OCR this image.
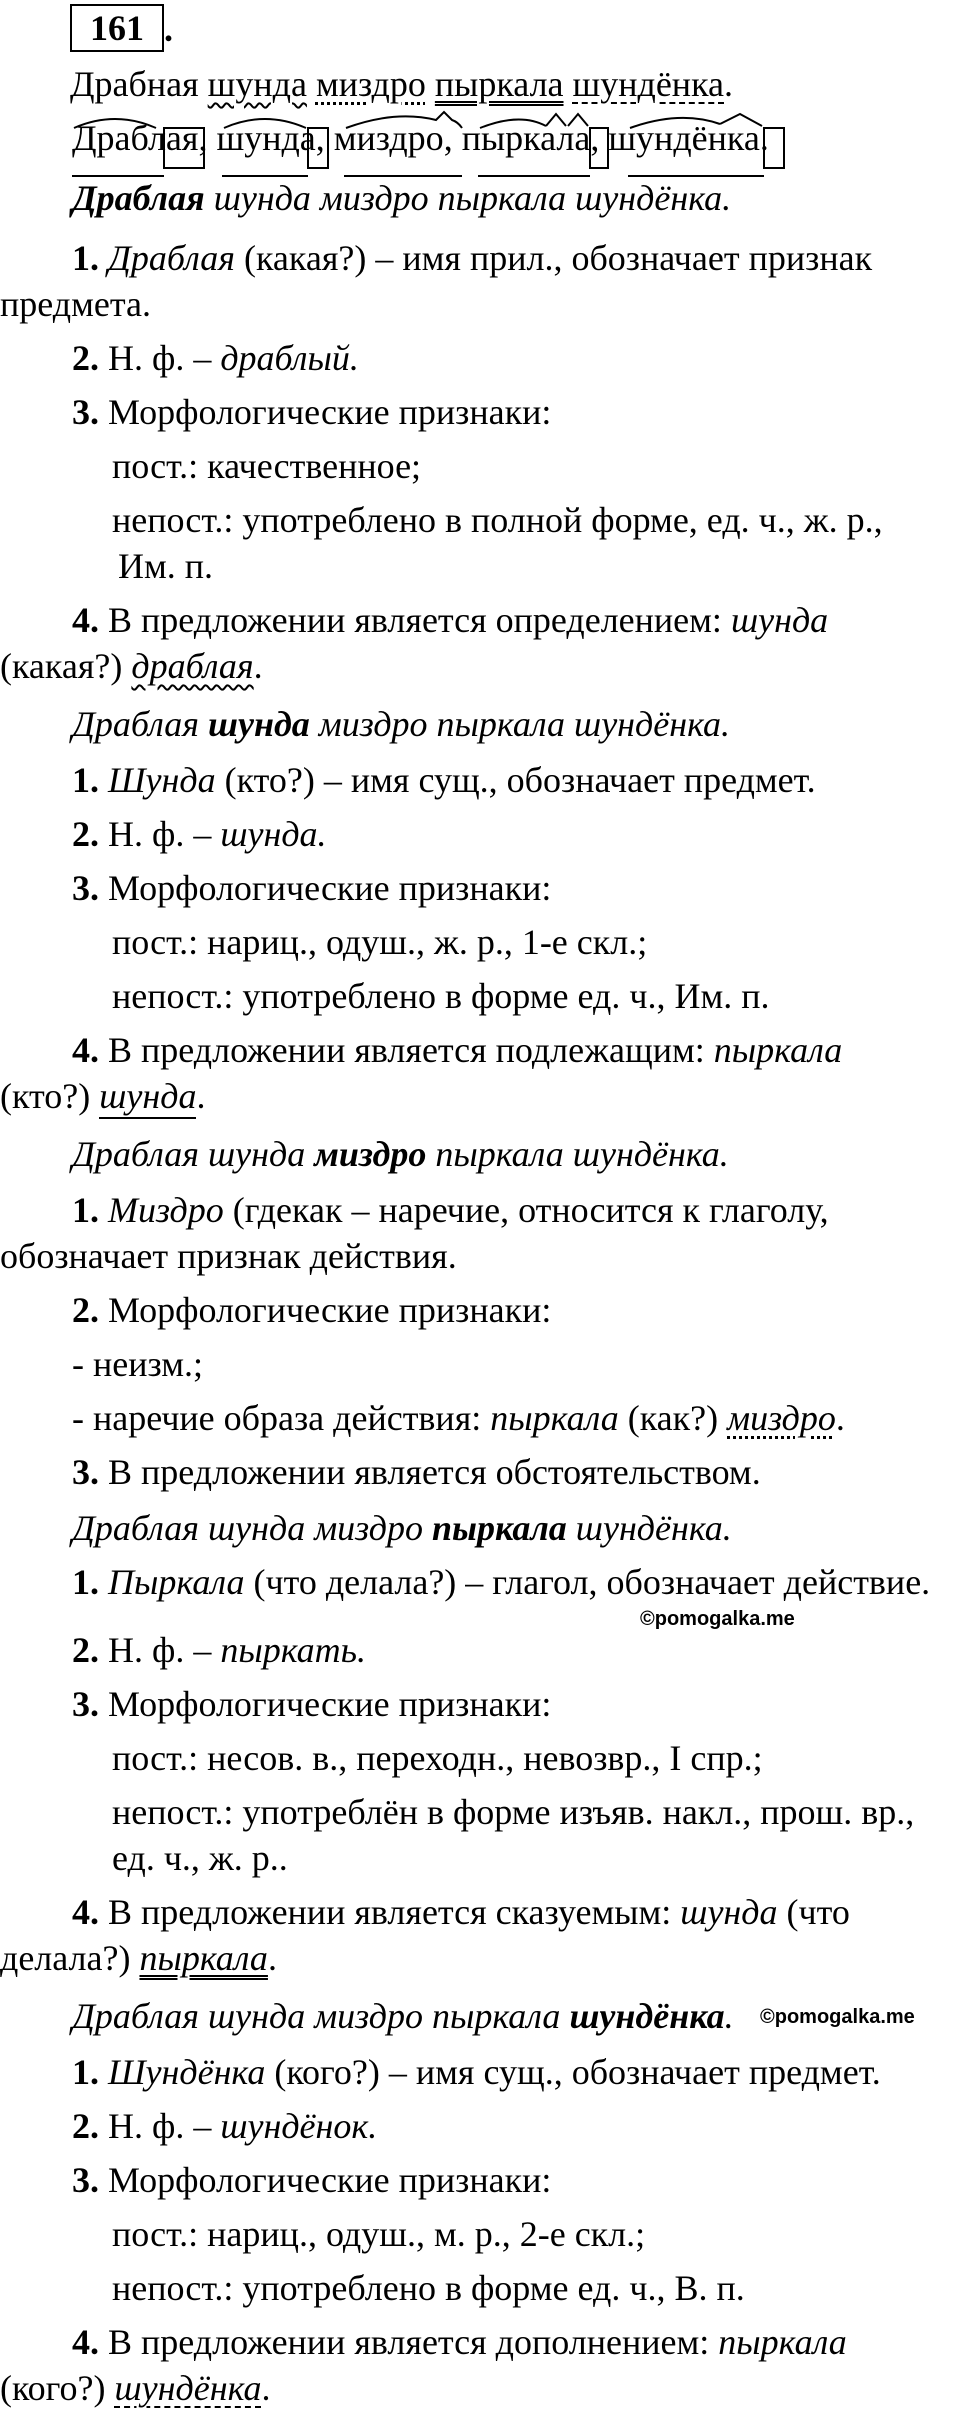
161 .
Драбная шунда миздро пыркала шундёнка.
Драблая, шунда, миздро, пыркала, шундёнка.
Драблая шунда миздро пыркала шундёнка.
1. Драблая (какая?) – имя прил., обозначает признак
предмета.
2. Н. ф. – драблый.
3. Морфологические признаки:
пост.: качественное;
непост.: употреблено в полной форме, ед. ч., ж. р.,
Им. п.
4. В предложении является определением: шунда
(какая?) драблая.
Драблая шунда миздро пыркала шундёнка.
1. Шунда (кто?) – имя сущ., обозначает предмет.
2. Н. ф. – шунда.
3. Морфологические признаки:
пост.: нариц., одуш., ж. р., 1-е скл.;
непост.: употреблено в форме ед. ч., Им. п.
4. В предложении является подлежащим: пыркала
(кто?) шунда.
Драблая шунда миздро пыркала шундёнка.
1. Миздро (гдекак – наречие, относится к глаголу,
обозначает признак действия.
2. Морфологические признаки:
- неизм.;
- наречие образа действия: пыркала (как?) миздро.
3. В предложении является обстоятельством.
Драблая шунда миздро пыркала шундёнка.
1. Пыркала (что делала?) – глагол, обозначает действие.
©pomogalka.me
2. Н. ф. – пыркать.
3. Морфологические признаки:
пост.: несов. в., переходн., невозвр., I спр.;
непост.: употреблён в форме изъяв. накл., прош. вр.,
ед. ч., ж. р..
4. В предложении является сказуемым: шунда (что
делала?) пыркала.
Драблая шунда миздро пыркала шундёнка. ©pomogalka.me
1. Шундёнка (кого?) – имя сущ., обозначает предмет.
2. Н. ф. – шундёнок.
3. Морфологические признаки:
пост.: нариц., одуш., м. р., 2-е скл.;
непост.: употреблено в форме ед. ч., В. п.
4. В предложении является дополнением: пыркала
(кого?) шундёнка.
